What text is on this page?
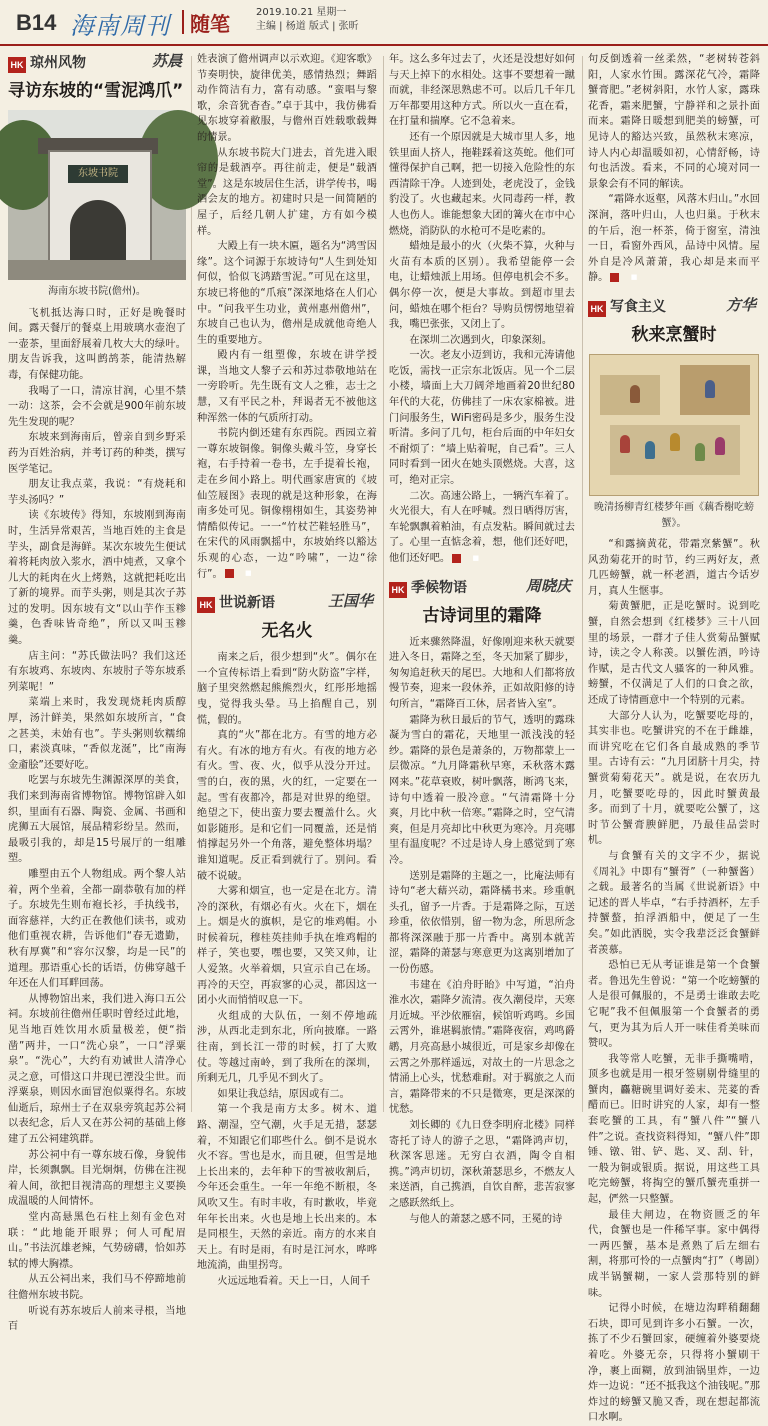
B14 海南周刊 随笔	2019.10.21 星期一
主编 | 杨道 版式 | 张昕
HK 琼州风物	苏晨
寻访东坡的“雪泥鸿爪”
东坡书院
海南东坡书院(儋州)。

飞机抵达海口时，正好是晚餐时间。露天餐厅的餐桌上用玻璃水壶泡了一壶茶，里面舒展着几枚大大的绿叶。朋友告诉我，这叫鹧鸪茶，能清热解毒，有保健功能。

我喝了一口，清凉甘润，心里不禁一动：这茶，会不会就是900年前东坡先生发现的呢？

东坡来到海南后，曾亲自到乡野采药为百姓治病，并考订药的种类，撰写医学笔记。

朋友让我点菜，我说：“有烧耗和芋头汤吗？”

读《东坡传》得知，东坡刚到海南时，生活异常艰苦，当地百姓的主食是芋头，副食是海鲜。某次东坡先生便试着将耗肉放入浆水，酒中炖煮，又拿个儿大的耗肉在火上烤熟，这就把耗吃出了新的境界。而芋头粥，则是其次子苏过的发明。因东坡有文“以山芋作玉糁羹，色香味皆奇绝”，所以又叫玉糁羹。

店主问：“苏氏做法吗？我们这还有东坡鸡、东坡肉、东坡肘子等东坡系列菜呢！”

菜端上来时，我发现烧耗肉质醇厚，汤汁鲜美，果然如东坡所言，“食之甚美，未始有也”。芋头粥则软糯绵口，素淡真味，“香似龙涎”，比“南海金齑脍”还要好吃。

吃罢与东坡先生渊源深厚的美食，我们来到海南省博物馆。博物馆辟入如织，里面有石器、陶瓷、金属、书画和虎狮五大展馆，展品精彩纷呈。然而，最吸引我的，却是15号展厅的一组雕塑。

雕塑由五个人物组成。两个黎人站着，两个坐着，全都一副恭敬有加的样子。东坡先生则布袍长衫，手执线书，面容慈祥，大约正在教他们读书，或劝他们重视农耕，告诉他们“春无遗勤，秋有厚冀”和“容尔汉黎，均是一民”的道理。那语重心长的话语，仿佛穿越千年还在人们耳畔回荡。

从博物馆出来，我们进入海口五公祠。东坡前往儋州任职时曾经过此地，见当地百姓饮用水质量极差，便“指凿”两井，一口“洗心泉”，一口“浮粟泉”。“洗心”，大约有劝诫世人清净心灵之意，可惜这口井现已湮没尘世。而浮粟泉，则因水面冒泡似粟得名。东坡仙逝后，琼州士子在双泉旁筑起苏公祠以表纪念，后人又在苏公祠的基础上修建了五公祠建筑群。

苏公祠中有一尊东坡石像，身貌伟岸，长须飘飘。目光炯炯，仿佛在注视着人间，欲把目视清高的理想主义要换成温暖的人间情怀。

堂内高悬黑色石柱上刻有金色对联：“此地能开眼界；何人可配眉山。”书法沉雄老辣，气势磅礴，恰如苏轼的博大胸襟。

从五公祠出来，我们马不停蹄地前往儋州东坡书院。

听说有苏东坡后人前来寻根，当地百

姓表演了儋州调声以示欢迎。《迎客歌》节奏明快，旋律优美，感情热烈；舞蹈动作简洁有力，富有动感。“蛮唱与黎歌，余音犹杳杳。”卓于其中，我仿佛看见东坡穿着敝服，与儋州百姓载歌载舞的情景。

从东坡书院大门进去，首先进入眼帘的是载酒亭。再往前走，便是“载酒堂”。这是东坡居住生活，讲学传书，喝酒会友的地方。初建时只是一间简陋的屋子，后经几朝人扩建，方有如今模样。

大殿上有一块木匾，题名为“鸿雪因缘”。这个词源于东坡诗句“人生到处知何似，恰似飞鸿踏雪泥。”可见在这里，东坡已将他的“爪痕”深深地烙在人们心中。“问我平生功业，黄州惠州儋州”，东坡自己也认为，儋州是成就他奇绝人生的重要地方。

殿内有一组塑像，东坡在讲学授课，当地文人黎子云和苏过恭敬地站在一旁聆听。先生既有文人之雅，志士之慧，又有平民之朴，拜谒者无不被他这种浑然一体的气质所打动。

书院内倒还建有东西院。西园立着一尊东坡铜像。铜像头戴斗笠，身穿长袍，右手持着一卷书，左手提着长袍，走在乡间小路上。明代画家唐寅的《坡仙笠屐图》表现的就是这种形象，在海南多处可见。铜像栩栩如生，其姿势神情酷似传记。一一“竹杖芒鞋轻胜马”，在宋代的风雨飘摇中，东坡始终以豁达乐观的心态，一边“吟啸”，一边“徐行”。	■

HK 世说新语	王国华
无名火

南来之后，很少想到“火”。偶尔在一个宣传标语上看到“防火防盗”字样，脑子里突然燃起熊熊烈火，红彤彤地摇曳，觉得我头晕。马上掐醒自己，别慌，假的。

真的“火”都在北方。有雪的地方必有火。有冰的地方有火。有夜的地方必有火。雪、夜、火，似乎从没分开过。雪的白，夜的黑，火的红，一定要在一起。雪有夜都冷，都是对世界的绝望。绝望之下，使出蛮力要去覆盖什么。火如影随形。是和它们一同覆盖，还是悄悄撑起另外一个角落，避免整体坍塌？谁知道呢。反正看到就行了。别问。看破不说破。

大雾和烟宣，也一定是在北方。清冷的深秋，有烟必有火。火在下，烟在上。烟是火的旗帜，是它的堆鸡帽。小时候着玩，穆桂英挂帅手执在堆鸡帽的样子，笑也要，嘿也要，又笑又帅，让人爱煞。火举着烟，只宣示自己在场。再冷的天空，再寂寥的心灵，都因这一团小火而悄悄叹息一下。

火组成的大队伍，一刻不停地疏涉，从西北走到东北，所向披靡。一路往南，到长江一带的时候，打了大败仗。等越过南岭，到了我所在的深圳，所剩无几，几乎见不到火了。

如果让我总结，原因或有二。

第一个我是南方太多。树木、道路、潮湿，空气潮，火手足无措，瑟瑟着，不知跟它们耶些什么。倒不是说水火不容。雪也是水，而且硬，但雪是地上长出来的，去年种下的雪被收割后，今年还会重生。一年一年绝不断根，冬风吹又生。有时丰收，有时歉收，毕竟年年长出来。火也是地上长出来的。本是同根生，天然的亲近。南方的水来自天上。有时是雨，有时是江河水，哗哗地流淌，曲里拐弯。

火远远地看着。天上一日，人间千

年。这么多年过去了，火还是没想好如何与天上掉下的水相处。这事不要想着一蹴而就，非经深思熟虑不可。以后几千年几万年都要用这种方式。所以火一直在看，在打量和揣摩。它不急着来。

还有一个原因就是大城市里人多，地铁里面人挤人，拖鞋踩着这英蛇。他们可懂得保护自己啊，把一切接入危险性的东西清除干净。人迹到处，老虎没了，金钱豹没了。火也藏起来。火同毒药一样，教人也伤人。谁能想象大团的篝火在市中心燃烧，消防队的水枪可不是吃素的。

蜡烛是最小的火（火柴不算，火种与火苗有本质的区别）。我希望能停一会电，让蜡烛派上用场。但停电机会不多。偶尔停一次，便是大事故。到超市里去问，蜡烛在哪个柜台？导购员愣愣地望着我，嘴巴张张，又闭上了。

在深圳二次遇到火，印象深刻。

一次。老友小迈到访，我和元涛请他吃饭，需找一正宗东北饭店。见一个二层小楼，墙面上大刀阔斧地画着20世纪80年代的大花，仿佛挂了一床农家棉被。进门问服务生，WiFi密码是多少，服务生没听清。多问了几句，柜台后面的中年妇女不耐烦了：“墙上贴着呢，自己看”。三人同时看到一团火在她头顶燃烧。大喜，这可，绝对正宗。

二次。高速公路上，一辆汽车着了。火光很大，有人在呼喊。烈日晒得厉害，车轮飘飘着粕油，有点发粘。瞬间就过去了。心里一直惦念着，想，他们还好吧，他们还好吧。	■

HK 季候物语	周晓庆
古诗词里的霜降

近来骤然降温，好像刚迎来秋天就要进入冬日，霜降之至，冬天加紧了脚步，匆匆追赶秋天的尾巴。大地和人们都将放慢节奏，迎来一段休养，正如故阳修的诗句所言，“霜降百工休，居者皆入室”。

霜降为秋日最后的节气，透明的露珠凝为雪白的霜花，天地里一派浅浅的轻纱。霜降的景色是萧条的，万物都蒙上一层微凉。“九月降霜秋早寒，禾秋落木露网来。”花草衰败，树叶飘落，断鸿飞来，诗句中透着一股冷意。“气清霜降十分爽，月比中秋一倍寒。”霜降之时，空气清爽，但是月亮却比中秋更为寒冷。月亮哪里有温度呢？不过是诗人身上感觉到了寒冷。

送别是霜降的主题之一，比庵法师有诗句“老大藉兴动，霜降橘书来。珍重帆头孔，留予一片香。于是霜降之际，互送珍重，依依惜别，留一物为念，所思所念都将深深融于那一片香中。离别本就苦涩，霜降的萧瑟与寒意更为这离别增加了一份伤感。

韦建在《泊舟盱眙》中写道，“泊舟淮水次，霜降夕流清。夜久潮侵岸，天寒月近城。平沙依雁宿，候馆听鸡鸣。乡国云霄外，谁堪羁旅情。”霜降夜宿，鸡鸣爵鹕，月亮高悬小城很近，可是家乡却像在云霄之外那样遥远，对故土的一片思念之情涌上心头，忧愁难耐。对于羁旅之人而言，霜降带来的不只是微寒，更是深深的忧愁。

刘长卿的《九日登李明府北楼》同样寄托了诗人的游子之思，“霜降鸿声切，秋深客思迷。无穷白衣酒，陶令自相携。”鸿声切切，深秋萧瑟思乡，不燃友人来送酒，自己携酒，自饮自醉，悲苦寂寥之感跃然纸上。

与他人的萧瑟之感不同，王冕的诗

句反倒透着一丝柔然，“老树转苍斜阳，人家水竹围。露深花气冷，霜降蟹膏肥。”老树斜阳，水竹人家，露珠花香，霜来肥蟹，宁静祥和之景扑面而来。霜降日暖想到肥美的螃蟹，可见诗人的豁达兴致，虽然秋末寒凉，诗人内心却温暖如初，心情舒畅，诗句也活泼。看来，不同的心境对同一景象会有不同的解读。

“霜降水返壑，风落木归山。”水回深涧，落叶归山，人也归巢。于秋末的午后，泡一杯茶，倚于窗室，清浊一日，看窗外西风，品诗中风情。屋外自是冷风萧萧，我心却是来而平静。	■

HK 写食主义	方华
秋来烹蟹时
晚清扬柳青红楼梦年画《藕香榭吃螃蟹》。

“和露摘黄花，带霜烹紫蟹”。秋风劲菊花开的时节，约三两好友，煮几匹螃蟹，就一杯老酒，道古今话岁月，真人生惬事。

菊黄蟹肥，正是吃蟹时。说到吃蟹，自然会想到《红楼梦》三十八回里的场景，一群才子佳人赏菊品蟹赋诗，读之令人称羡。以蟹佐酒，吟诗作赋，是古代文人骚客的一种风雅。螃蟹，不仅满足了人们的口食之欲，还成了诗情画意中一个特别的元素。

大部分人认为，吃蟹要吃母的，其实非也。吃蟹讲究的不在于雌雄，而讲究吃在它们各自最成熟的季节里。古诗有云：“九月团脐十月尖，持蟹赏菊菊花天”。就是说，在农历九月，吃蟹要吃母的，因此时蟹黄最多。而到了十月，就要吃公蟹了，这时节公蟹膏腴鲜肥，乃最佳品尝时机。

与食蟹有关的文字不少，据说《周礼》中即有“蟹胥”（一种蟹酱）之载。最著名的当属《世说新语》中记述的晋人毕卓，“右手持酒杯，左手持蟹螯，拍浮酒船中，便足了一生矣。”如此洒脱，实令我辈泛泛食蟹鲜者羡慕。

恐怕已无从考证谁是第一个食蟹者。鲁迅先生曾说：“第一个吃螃蟹的人是很可佩服的，不是勇士谁敢去吃它呢”我不但佩服第一个食蟹者的勇气，更为其为后人开一味佳肴美味而赞叹。

我等常人吃蟹，无非手撕嘴啃，顶多也就是用一根牙签剔剔骨缝里的蟹肉，麤糖碗里调好姜末、芫荽的香醋而已。旧时讲究的人家，却有一整套吃蟹的工具，有“蟹八件”“蟹八件”之说。查找资料得知，“蟹八件”即锤、镦、钳、铲、匙、叉、刮、针，一般为铜或银质。据说，用这些工具吃完螃蟹，将掏空的蟹爪蟹壳重拼一起，俨然一只整蟹。

最佳大闸边，在物资匮乏的年代，食蟹也是一件稀罕事。家中偶得一两匹蟹，基本是煮熟了后左细右割，将那可怜的一点蟹肉“打”（粤剧）成半锅蟹糊，一家人尝那特别的鲜味。

记得小时候，在塘边沟畔稍翻翻石块，即可见到许多小石蟹。一次，拣了不少石蟹回家，硬缠着外婆要烧着吃。外婆无奈，只得将小蟹刷干净，裹上面糊，放到油锅里炸，一边炸一边说：“还不抵我这个油钱呢。”那炸过的螃蟹又脆又香，现在想起都流口水啊。
